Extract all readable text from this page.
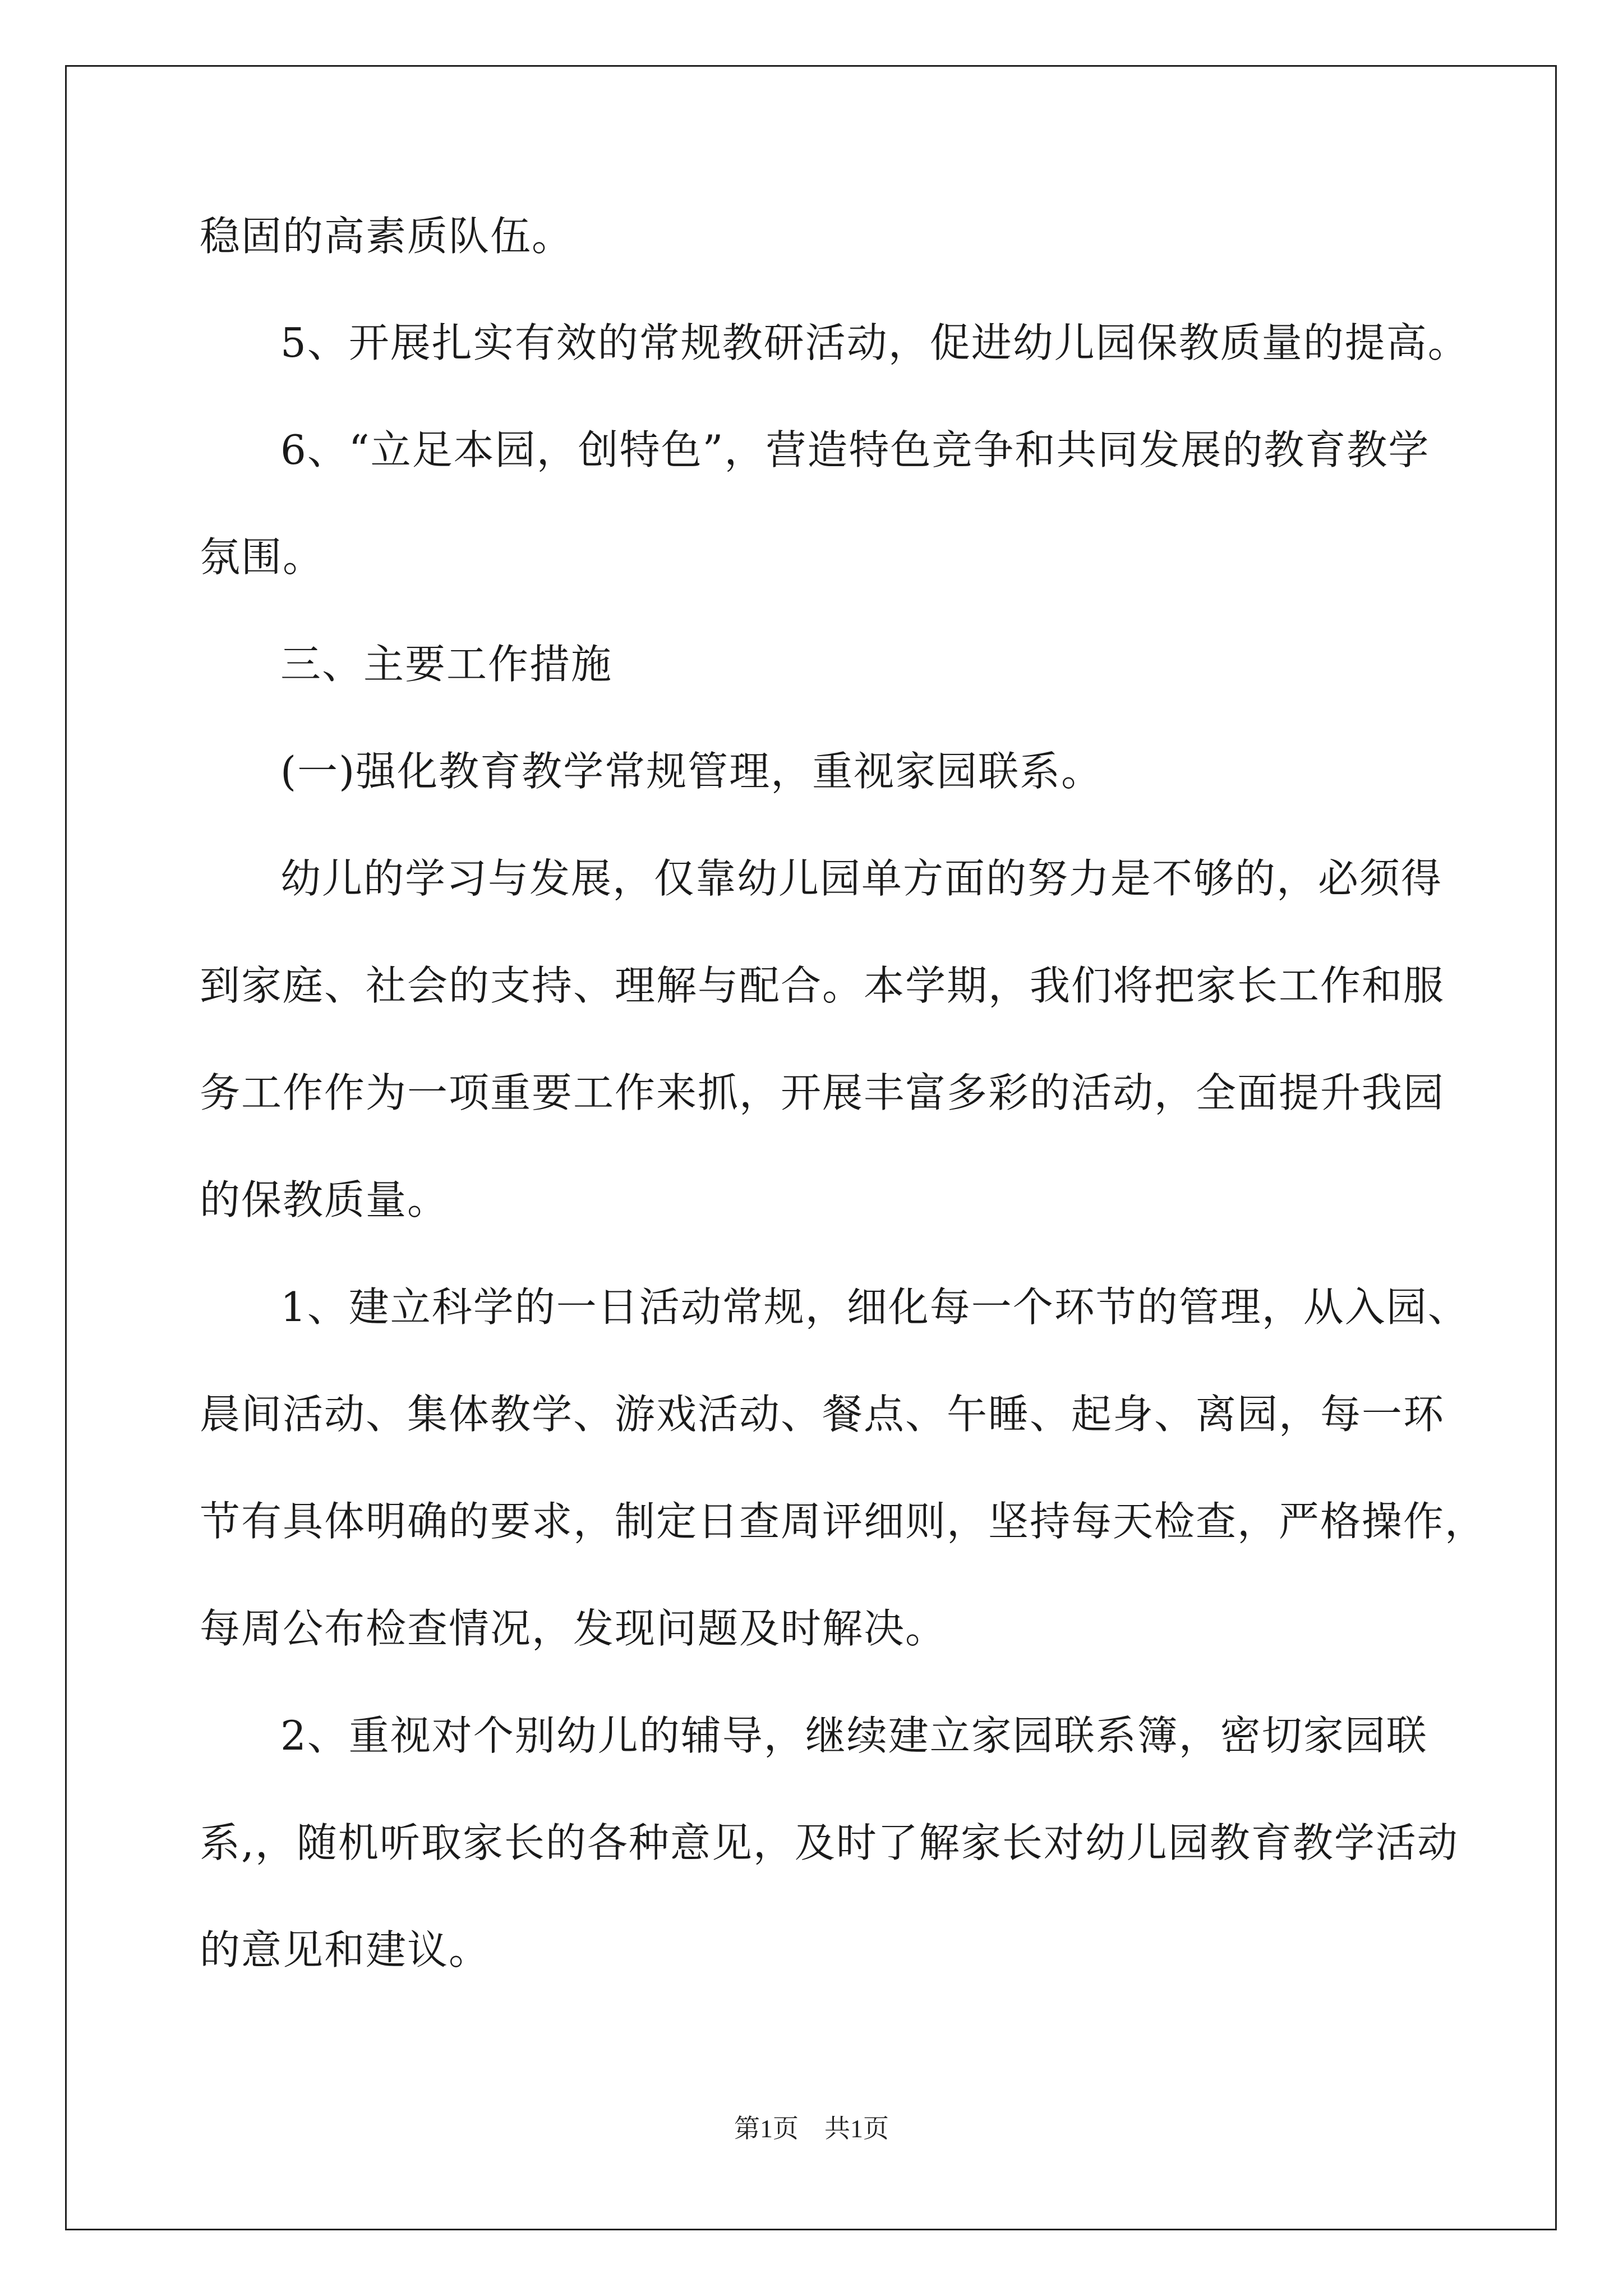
稳固的高素质队伍。
5、开展扎实有效的常规教研活动，促进幼儿园保教质量的提高。
6、“立足本园，创特色”，营造特色竞争和共同发展的教育教学
氛围。
三、主要工作措施
(一)强化教育教学常规管理，重视家园联系。
幼儿的学习与发展，仅靠幼儿园单方面的努力是不够的，必须得
到家庭、社会的支持、理解与配合。本学期，我们将把家长工作和服
务工作作为一项重要工作来抓，开展丰富多彩的活动，全面提升我园
的保教质量。
1、建立科学的一日活动常规，细化每一个环节的管理，从入园、
晨间活动、集体教学、游戏活动、餐点、午睡、起身、离园，每一环
节有具体明确的要求，制定日查周评细则，坚持每天检查，严格操作，
每周公布检查情况，发现问题及时解决。
2、重视对个别幼儿的辅导，继续建立家园联系簿，密切家园联
系,，随机听取家长的各种意见，及时了解家长对幼儿园教育教学活动
的意见和建议。
第1页　共1页
